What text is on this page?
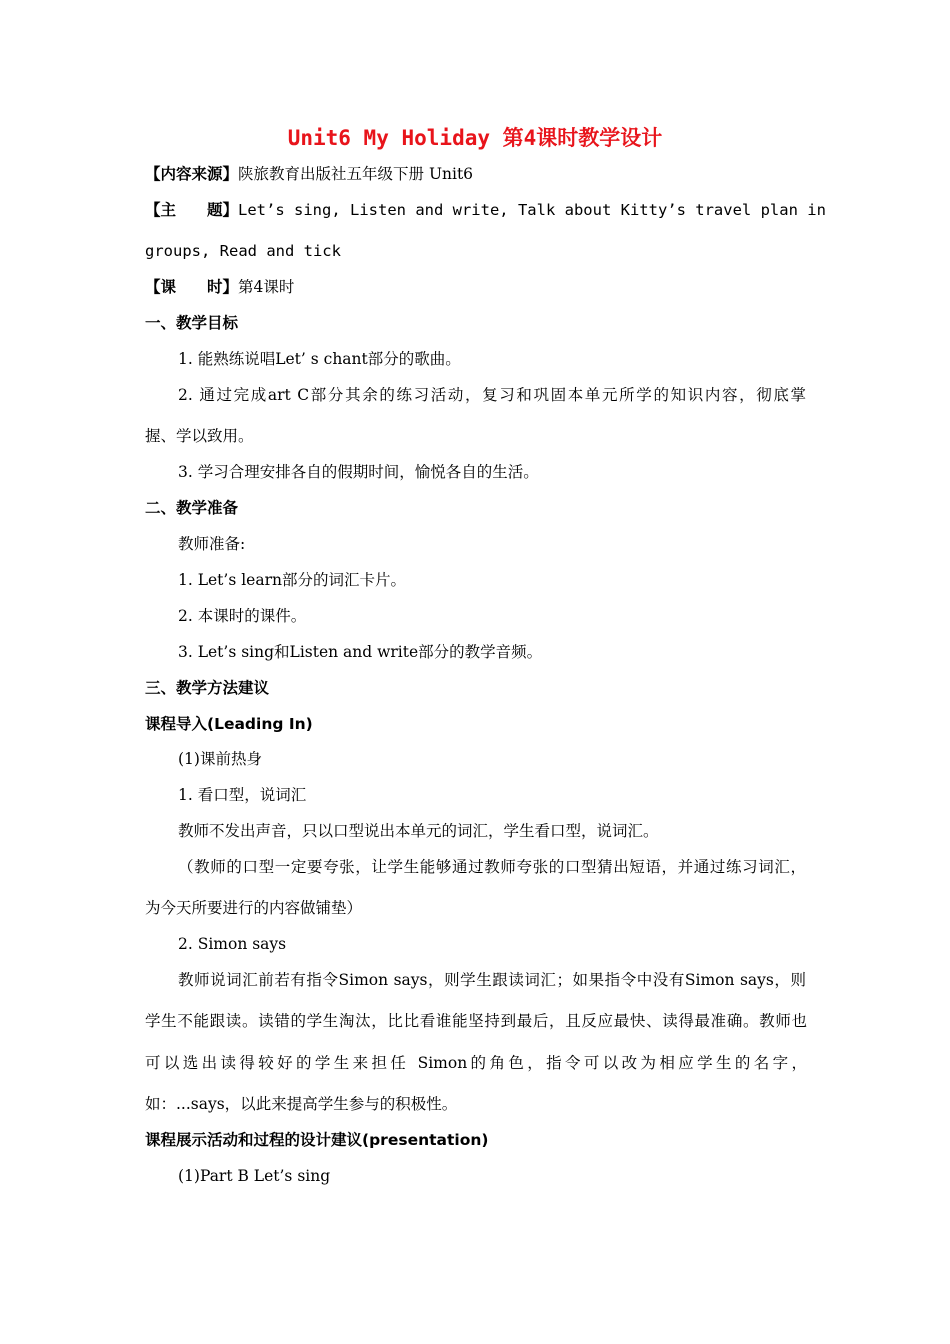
Unit6 My Holiday 第4课时教学设计
【内容来源】陕旅教育出版社五年级下册 Unit6
【主　　题】Let’s sing, Listen and write, Talk about Kitty’s travel plan in
groups, Read and tick
【课　　时】第4课时
一、教学目标
1. 能熟练说唱Let’ s chant部分的歌曲。
2. 通过完成art C部分其余的练习活动，复习和巩固本单元所学的知识内容，彻底掌
握、学以致用。
3. 学习合理安排各自的假期时间，愉悦各自的生活。
二、教学准备
教师准备:
1. Let’s learn部分的词汇卡片。
2. 本课时的课件。
3. Let’s sing和Listen and write部分的教学音频。
三、教学方法建议
课程导入(Leading In)
(1)课前热身
1. 看口型，说词汇
教师不发出声音，只以口型说出本单元的词汇，学生看口型，说词汇。
（教师的口型一定要夸张，让学生能够通过教师夸张的口型猜出短语，并通过练习词汇，
为今天所要进行的内容做铺垫）
2. Simon says
教师说词汇前若有指令Simon says，则学生跟读词汇；如果指令中没有Simon says，则
学生不能跟读。读错的学生淘汰，比比看谁能坚持到最后，且反应最快、读得最准确。教师也
可以选出读得较好的学生来担任 Simon的角色，指令可以改为相应学生的名字，
如：...says，以此来提高学生参与的积极性。
课程展示活动和过程的设计建议(presentation)
(1)Part B Let’s sing
